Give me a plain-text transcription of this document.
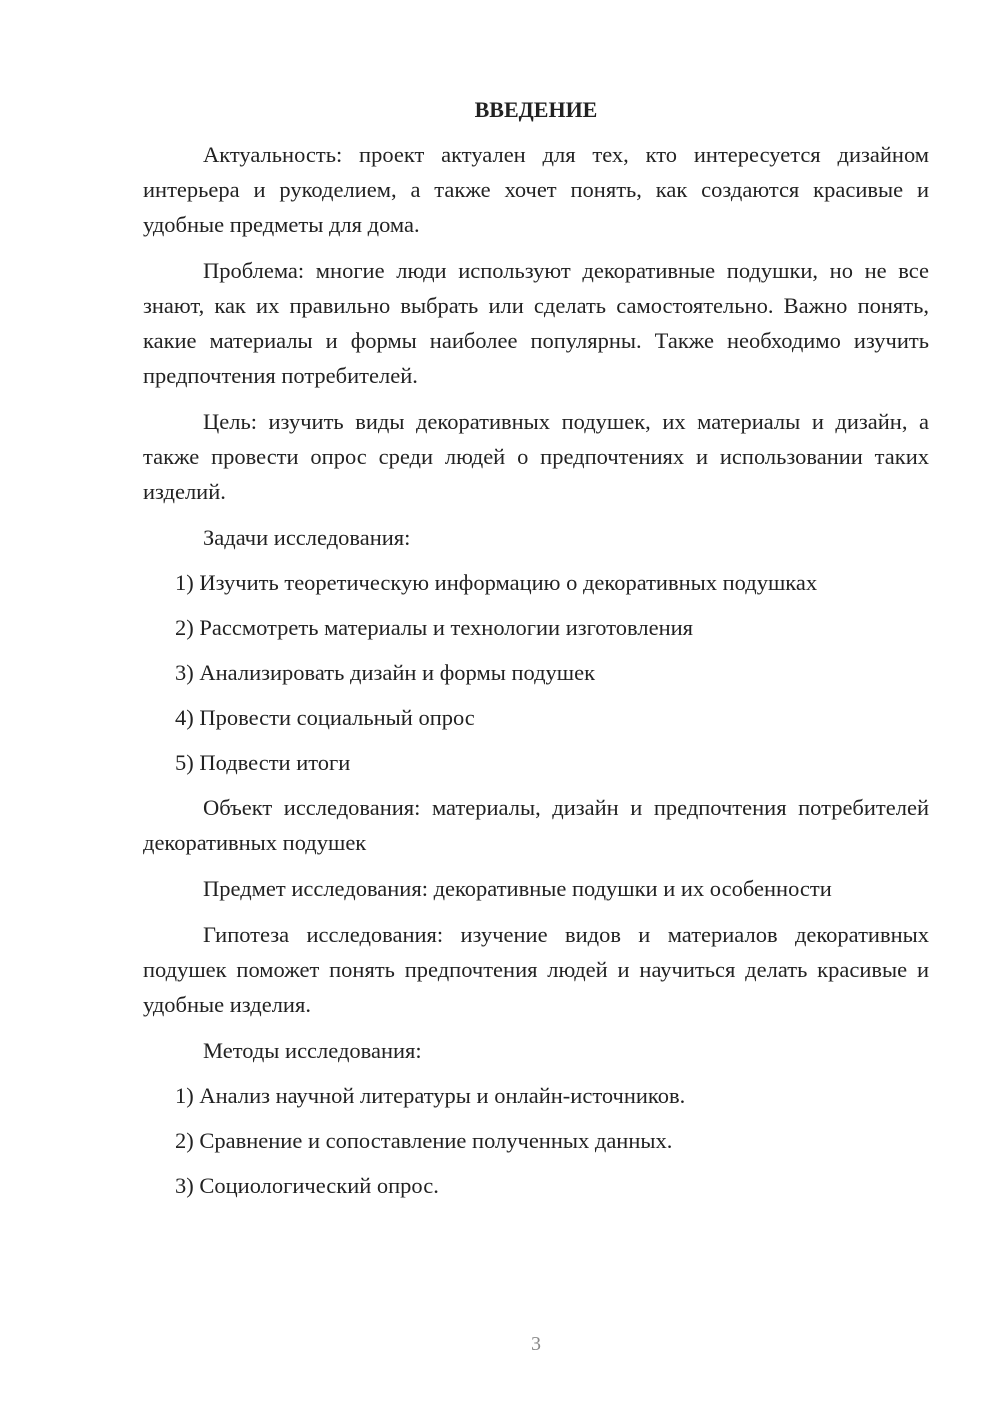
ВВЕДЕНИЕ

Актуальность: проект актуален для тех, кто интересуется дизайном интерьера и рукоделием, а также хочет понять, как создаются красивые и удобные предметы для дома.

Проблема: многие люди используют декоративные подушки, но не все знают, как их правильно выбрать или сделать самостоятельно. Важно понять, какие материалы и формы наиболее популярны. Также необходимо изучить предпочтения потребителей.

Цель: изучить виды декоративных подушек, их материалы и дизайн, а также провести опрос среди людей о предпочтениях и использовании таких изделий.

Задачи исследования:

1) Изучить теоретическую информацию о декоративных подушках
2) Рассмотреть материалы и технологии изготовления
3) Анализировать дизайн и формы подушек
4) Провести социальный опрос
5) Подвести итоги

Объект исследования: материалы, дизайн и предпочтения потребителей декоративных подушек

Предмет исследования: декоративные подушки и их особенности

Гипотеза исследования: изучение видов и материалов декоративных подушек поможет понять предпочтения людей и научиться делать красивые и удобные изделия.

Методы исследования:

1) Анализ научной литературы и онлайн-источников.
2) Сравнение и сопоставление полученных данных.
3) Социологический опрос.
3
